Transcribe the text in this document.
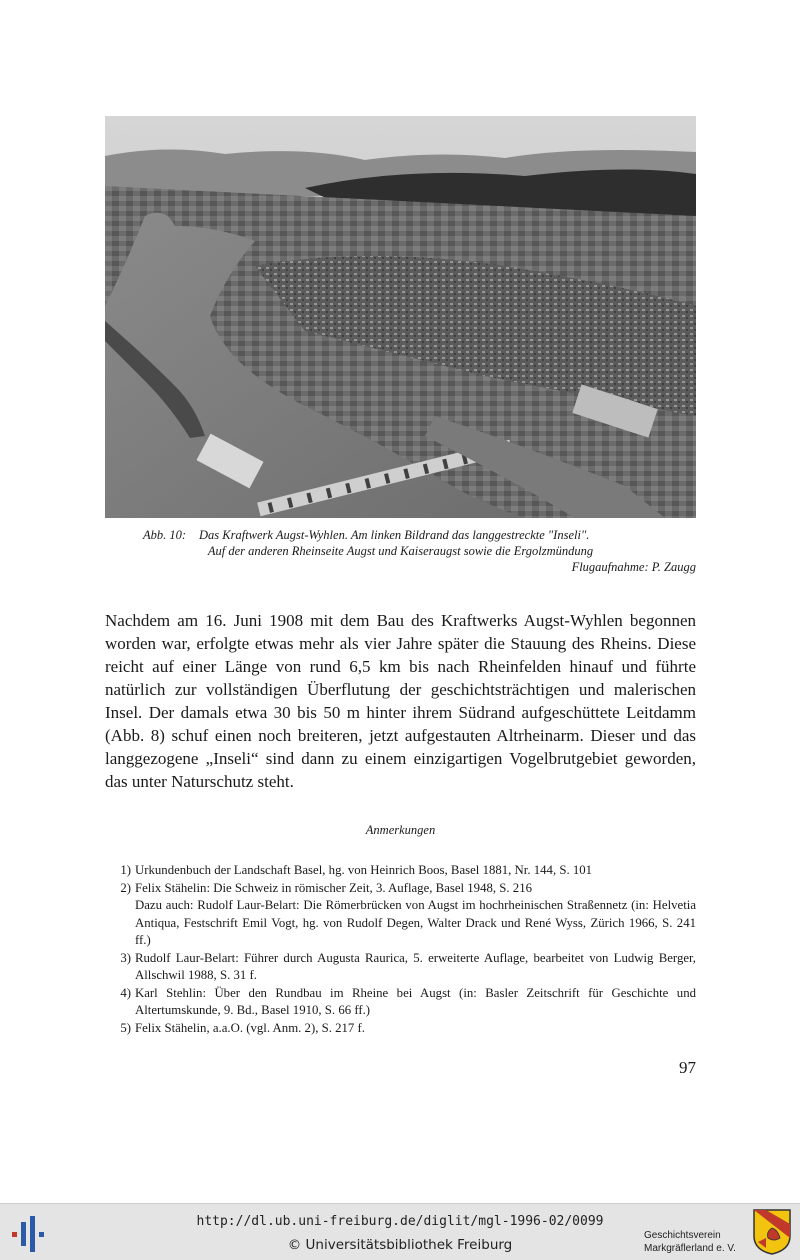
Abb. 10:	Das Kraftwerk Augst-Wyhlen. Am linken Bildrand das langgestreckte "Inseli".
Auf der anderen Rheinseite Augst und Kaiseraugst sowie die Ergolzmündung
Flugaufnahme: P. Zaugg
Nachdem am 16. Juni 1908 mit dem Bau des Kraftwerks Augst-Wyhlen begonnen worden war, erfolgte etwas mehr als vier Jahre später die Stauung des Rheins. Diese reicht auf einer Länge von rund 6,5 km bis nach Rheinfelden hinauf und führte natürlich zur vollständigen Überflutung der geschichtsträchtigen und malerischen Insel. Der damals etwa 30 bis 50 m hinter ihrem Südrand aufgeschüttete Leitdamm (Abb. 8) schuf einen noch breiteren, jetzt aufgestauten Altrheinarm. Dieser und das langgezogene „Inseli“ sind dann zu einem einzigartigen Vogelbrutgebiet geworden, das unter Naturschutz steht.
Anmerkungen
1) Urkundenbuch der Landschaft Basel, hg. von Heinrich Boos, Basel 1881, Nr. 144, S. 101

2) Felix Stähelin: Die Schweiz in römischer Zeit, 3. Auflage, Basel 1948, S. 216

Dazu auch: Rudolf Laur-Belart: Die Römerbrücken von Augst im hochrheinischen Straßennetz (in: Helvetia Antiqua, Festschrift Emil Vogt, hg. von Rudolf Degen, Walter Drack und René Wyss, Zürich 1966, S. 241 ff.)

3) Rudolf Laur-Belart: Führer durch Augusta Raurica, 5. erweiterte Auflage, bearbeitet von Ludwig Berger, Allschwil 1988, S. 31 f.

4) Karl Stehlin: Über den Rundbau im Rheine bei Augst (in: Basler Zeitschrift für Geschichte und Altertumskunde, 9. Bd., Basel 1910, S. 66 ff.)

5) Felix Stähelin, a.a.O. (vgl. Anm. 2), S. 217 f.

97
http://dl.ub.uni-freiburg.de/diglit/mgl-1996-02/0099
© Universitätsbibliothek Freiburg
Geschichtsverein
Markgräflerland e. V.
